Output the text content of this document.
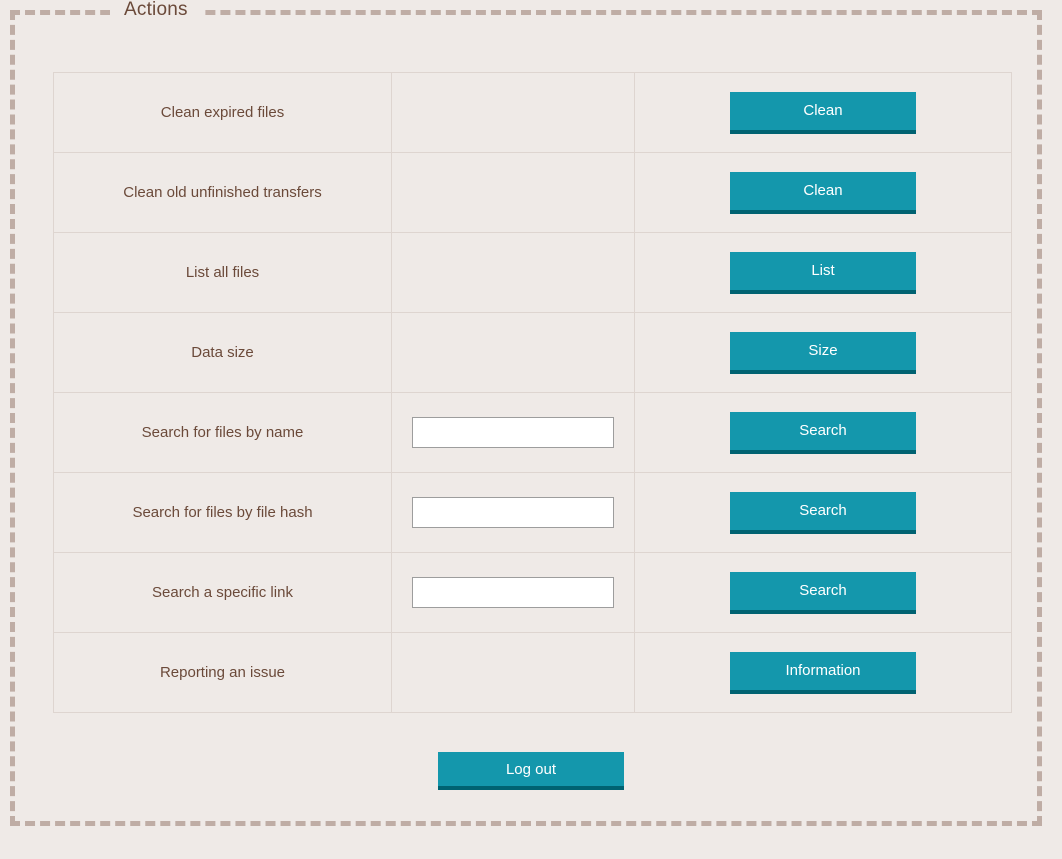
Actions
Clean expired files		Clean
Clean old unfinished transfers		Clean
List all files		List
Data size		Size
Search for files by name		Search
Search for files by file hash		Search
Search a specific link		Search
Reporting an issue		Information
Log out
